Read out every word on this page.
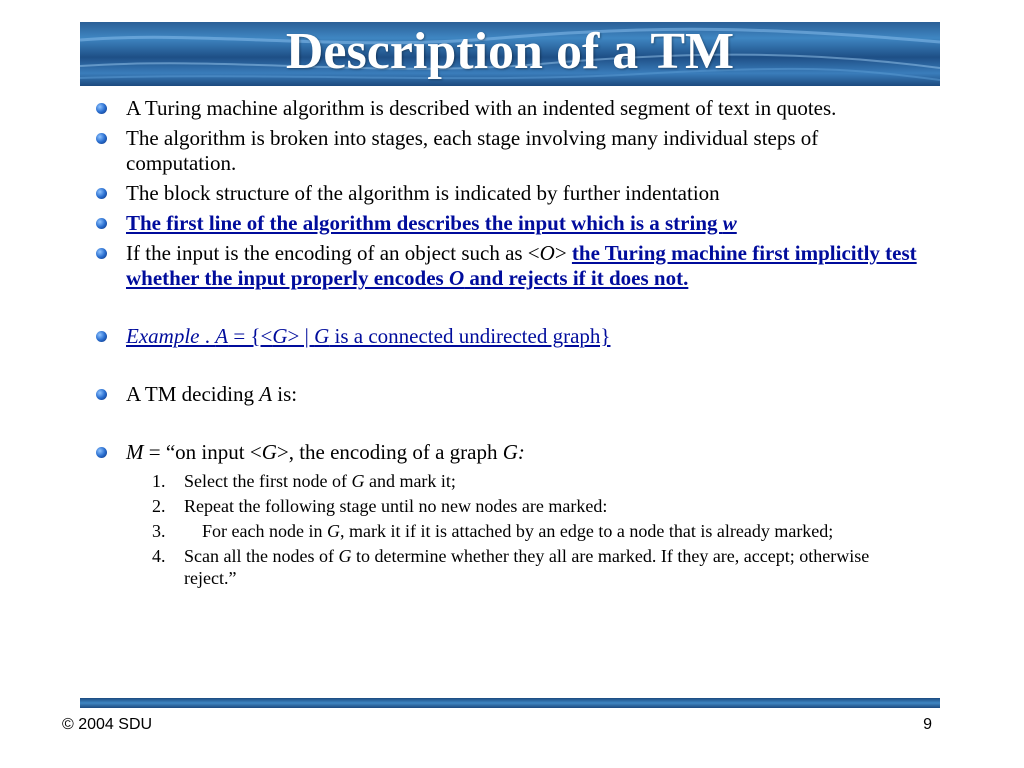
Description of a TM
A Turing machine algorithm is described with an indented segment of text in quotes.
The algorithm is broken into stages, each stage involving many individual steps of computation.
The block structure of the algorithm is indicated by further indentation
The first line of the algorithm describes the input which is a string w
If the input is the encoding of an object such as <O> the Turing machine first implicitly test whether the input properly encodes O and rejects if it does not.
Example . A = {<G> | G is a connected undirected graph}
A TM deciding A is:
M = “on input <G>, the encoding of a graph G:
1. Select the first node of G and mark it;
2. Repeat the following stage until no new nodes are marked:
3. For each node in G, mark it if it is attached by an edge to a node that is already marked;
4. Scan all the nodes of G to determine whether they all are marked. If they are, accept; otherwise reject.”
© 2004 SDU	9
